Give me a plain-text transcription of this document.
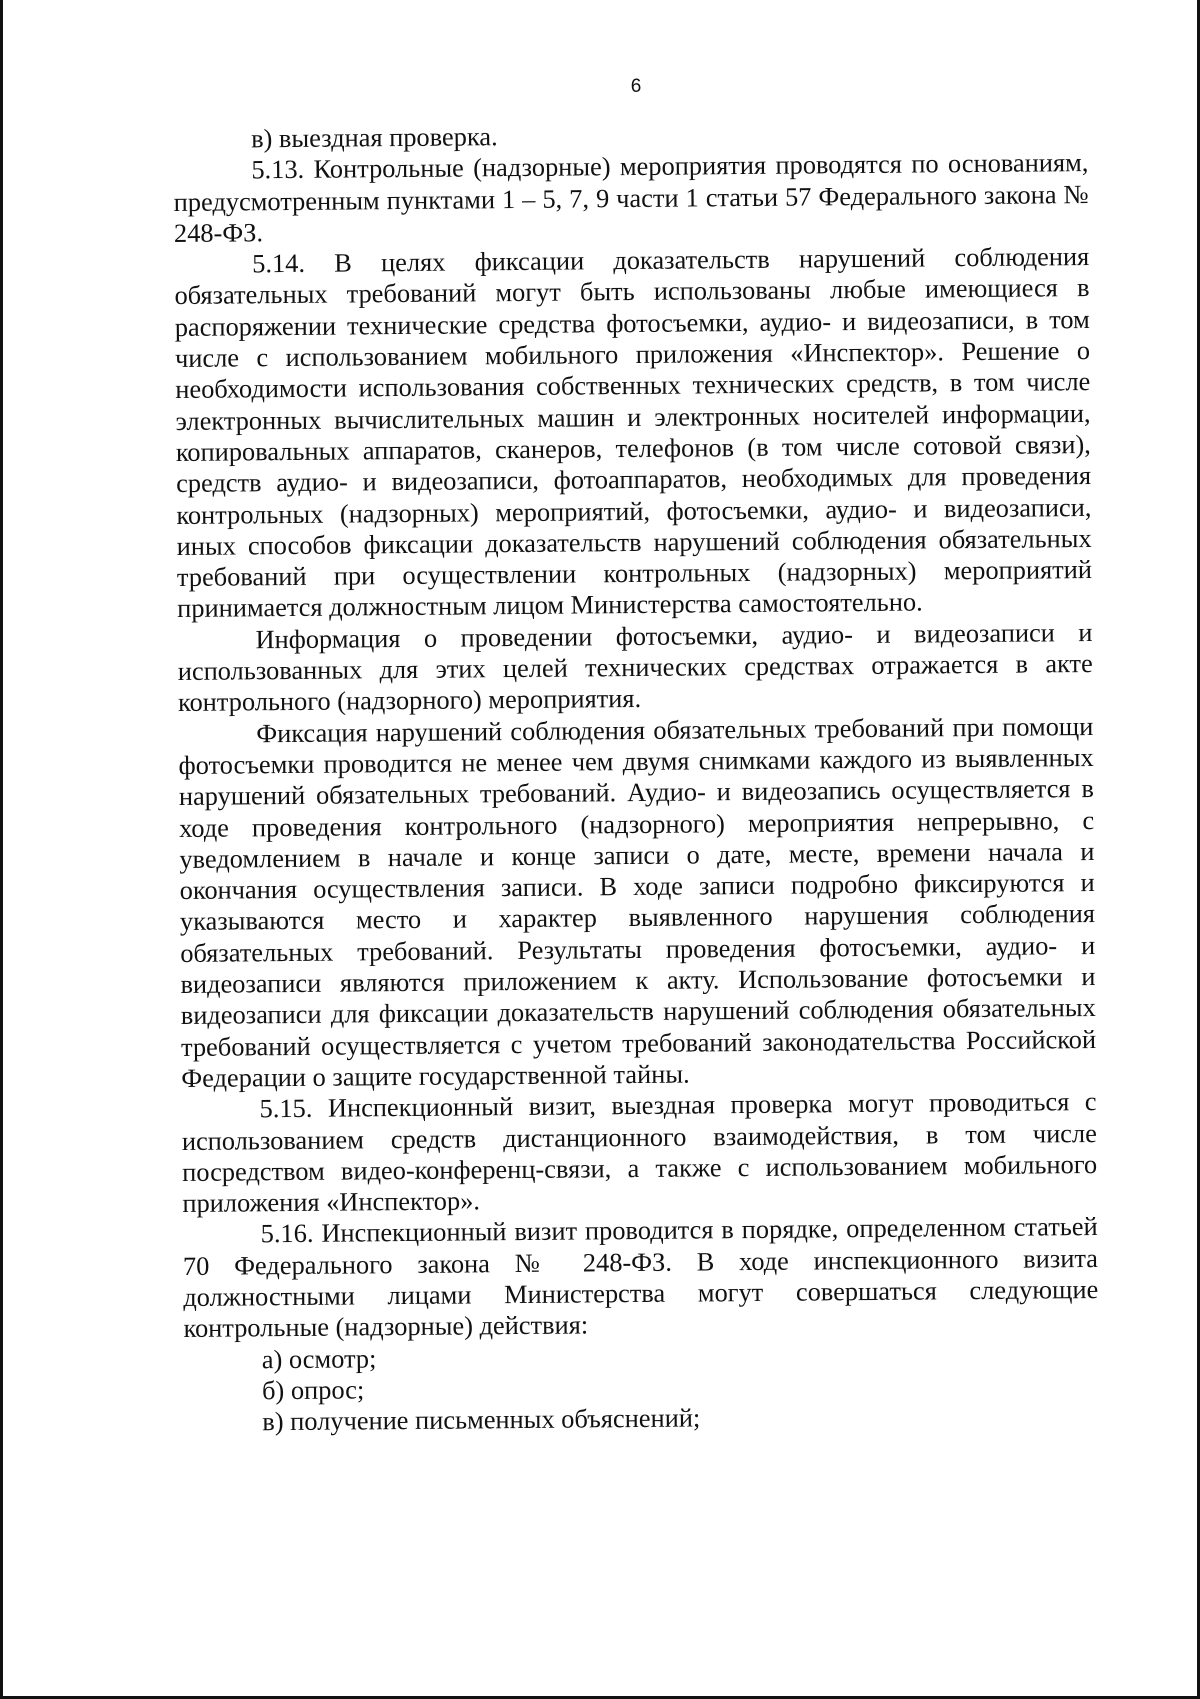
6

в) выездная проверка.

5.13. Контрольные (надзорные) мероприятия проводятся по основаниям, предусмотренным пунктами 1 – 5, 7, 9 части 1 статьи 57 Федерального закона № 248-ФЗ.

5.14. В целях фиксации доказательств нарушений соблюдения обязательных требований могут быть использованы любые имеющиеся в распоряжении технические средства фотосъемки, аудио- и видеозаписи, в том числе с использованием мобильного приложения «Инспектор». Решение о необходимости использования собственных технических средств, в том числе электронных вычислительных машин и электронных носителей информации, копировальных аппаратов, сканеров, телефонов (в том числе сотовой связи), средств аудио- и видеозаписи, фотоаппаратов, необходимых для проведения контрольных (надзорных) мероприятий, фотосъемки, аудио- и видеозаписи, иных способов фиксации доказательств нарушений соблюдения обязательных требований при осуществлении контрольных (надзорных) мероприятий принимается должностным лицом Министерства самостоятельно.

Информация о проведении фотосъемки, аудио- и видеозаписи и использованных для этих целей технических средствах отражается в акте контрольного (надзорного) мероприятия.

Фиксация нарушений соблюдения обязательных требований при помощи фотосъемки проводится не менее чем двумя снимками каждого из выявленных нарушений обязательных требований. Аудио- и видеозапись осуществляется в ходе проведения контрольного (надзорного) мероприятия непрерывно, с уведомлением в начале и конце записи о дате, месте, времени начала и окончания осуществления записи. В ходе записи подробно фиксируются и указываются место и характер выявленного нарушения соблюдения обязательных требований. Результаты проведения фотосъемки, аудио- и видеозаписи являются приложением к акту. Использование фотосъемки и видеозаписи для фиксации доказательств нарушений соблюдения обязательных требований осуществляется с учетом требований законодательства Российской Федерации о защите государственной тайны.

5.15. Инспекционный визит, выездная проверка могут проводиться с использованием средств дистанционного взаимодействия, в том числе посредством видео-конференц-связи, а также с использованием мобильного приложения «Инспектор».

5.16. Инспекционный визит проводится в порядке, определенном статьей 70 Федерального закона № 248-ФЗ. В ходе инспекционного визита должностными лицами Министерства могут совершаться следующие контрольные (надзорные) действия:

а) осмотр;

б) опрос;

в) получение письменных объяснений;
